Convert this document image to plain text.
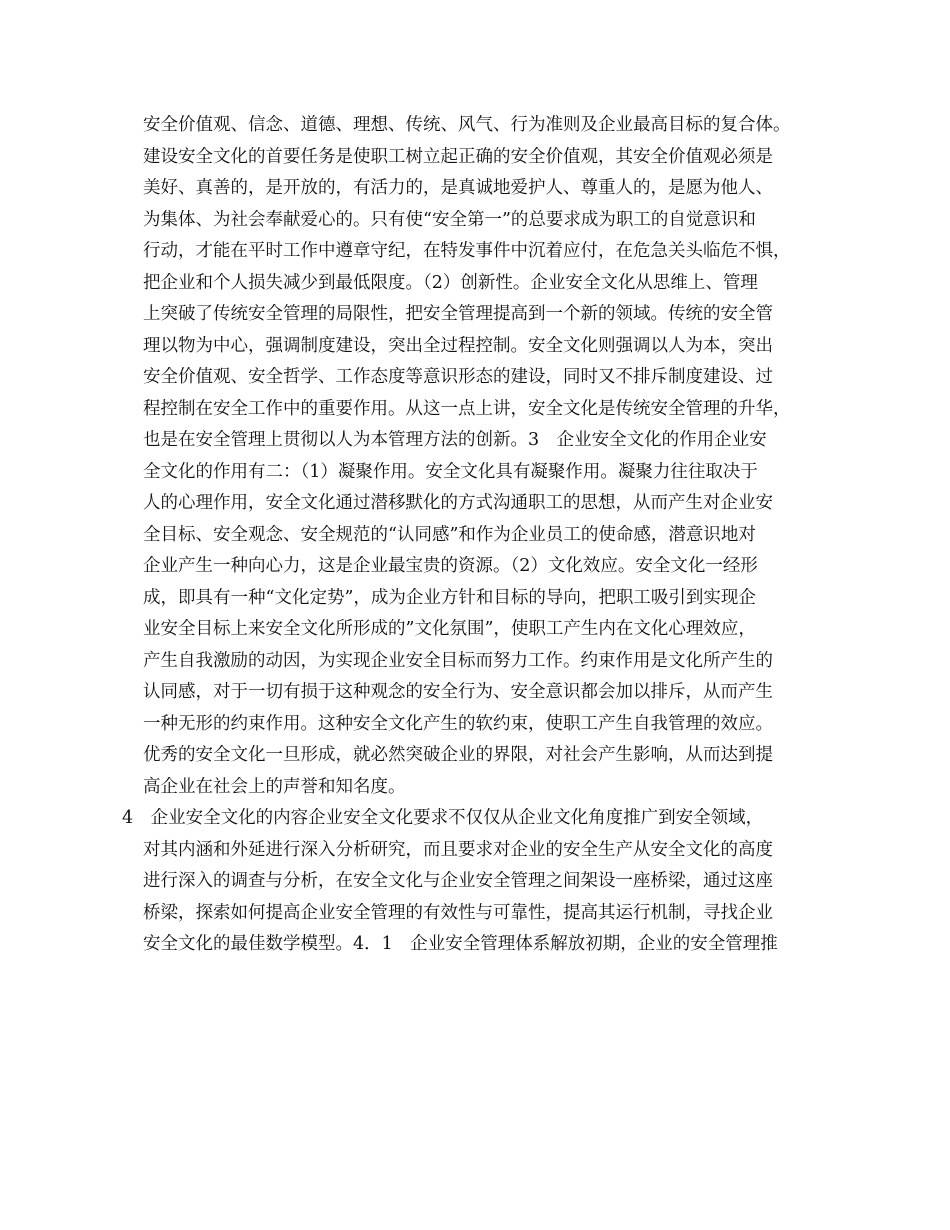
安全价值观、信念、道德、理想、传统、风气、行为准则及企业最高目标的复合体。
建设安全文化的首要任务是使职工树立起正确的安全价值观，其安全价值观必须是
美好、真善的，是开放的，有活力的，是真诚地爱护人、尊重人的，是愿为他人、
为集体、为社会奉献爱心的。只有使“安全第一”的总要求成为职工的自觉意识和
行动，才能在平时工作中遵章守纪，在特发事件中沉着应付，在危急关头临危不惧，
把企业和个人损失减少到最低限度。（2）创新性。企业安全文化从思维上、管理
上突破了传统安全管理的局限性，把安全管理提高到一个新的领域。传统的安全管
理以物为中心，强调制度建设，突出全过程控制。安全文化则强调以人为本，突出
安全价值观、安全哲学、工作态度等意识形态的建设，同时又不排斥制度建设、过
程控制在安全工作中的重要作用。从这一点上讲，安全文化是传统安全管理的升华，
也是在安全管理上贯彻以人为本管理方法的创新。3　企业安全文化的作用企业安
全文化的作用有二：（1）凝聚作用。安全文化具有凝聚作用。凝聚力往往取决于
人的心理作用，安全文化通过潜移默化的方式沟通职工的思想，从而产生对企业安
全目标、安全观念、安全规范的“认同感”和作为企业员工的使命感，潜意识地对
企业产生一种向心力，这是企业最宝贵的资源。（2）文化效应。安全文化一经形
成，即具有一种“文化定势”，成为企业方针和目标的导向，把职工吸引到实现企
业安全目标上来安全文化所形成的”文化氛围”，使职工产生内在文化心理效应，
产生自我激励的动因，为实现企业安全目标而努力工作。约束作用是文化所产生的
认同感，对于一切有损于这种观念的安全行为、安全意识都会加以排斥，从而产生
一种无形的约束作用。这种安全文化产生的软约束，使职工产生自我管理的效应。
优秀的安全文化一旦形成，就必然突破企业的界限，对社会产生影响，从而达到提
高企业在社会上的声誉和知名度。
4　企业安全文化的内容企业安全文化要求不仅仅从企业文化角度推广到安全领域，
对其内涵和外延进行深入分析研究，而且要求对企业的安全生产从安全文化的高度
进行深入的调查与分析，在安全文化与企业安全管理之间架设一座桥梁，通过这座
桥梁，探索如何提高企业安全管理的有效性与可靠性，提高其运行机制，寻找企业
安全文化的最佳数学模型。4．1　企业安全管理体系解放初期，企业的安全管理推
